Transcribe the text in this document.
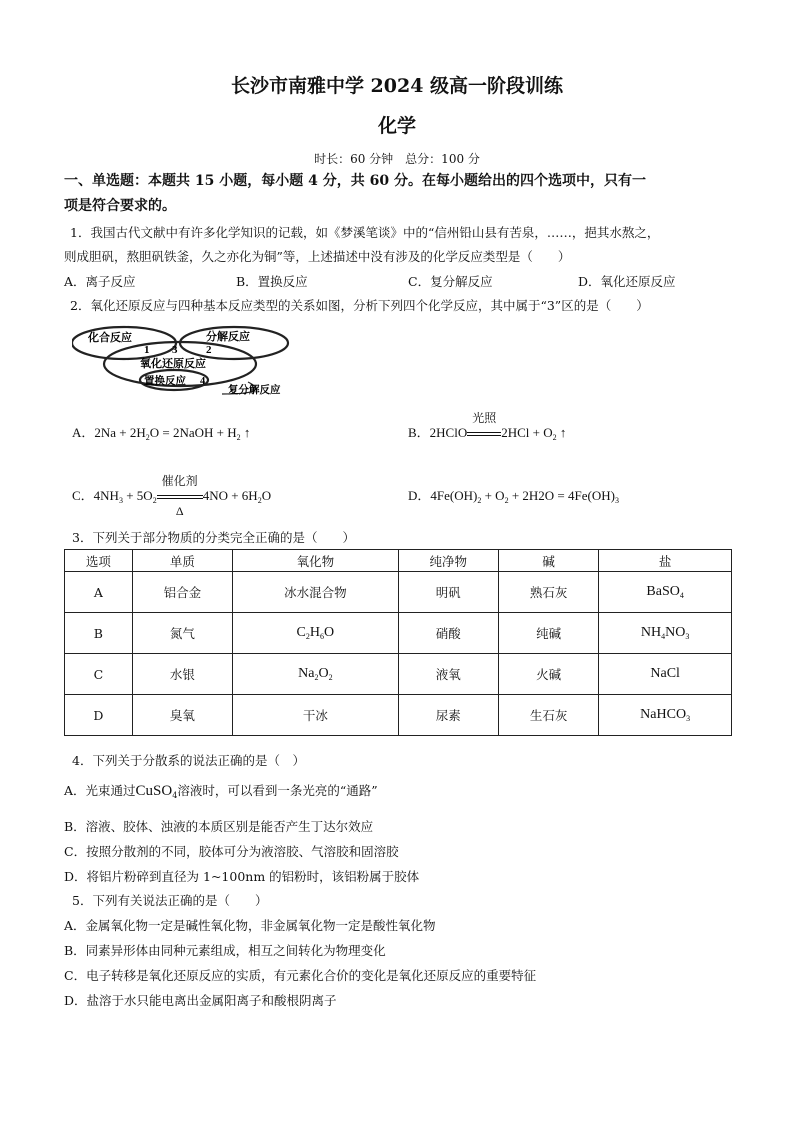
长沙市南雅中学 2024 级高一阶段训练
化学
时长：60 分钟　总分：100 分
一、单选题：本题共 15 小题，每小题 4 分，共 60 分。在每小题给出的四个选项中，只有一
项是符合要求的。
1．我国古代文献中有许多化学知识的记载，如《梦溪笔谈》中的“信州铅山县有苦泉，……，挹其水熬之，
则成胆矾，熬胆矾铁釜，久之亦化为铜”等，上述描述中没有涉及的化学反应类型是（　　）
A．离子反应	B．置换反应	C．复分解反应	D．氧化还原反应
2．氧化还原反应与四种基本反应类型的关系如图，分析下列四个化学反应，其中属于“3”区的是（　　）
化合反应	分解反应
氧化还原反应
置换反应
复分解反应
1 3	2
4
A．$2Na + 2H_2O$ = 2NaOH + $H_2$ ↑	B．2HClO
光照
$2HCl + O_2$ ↑
C．$4NH_3 + 5O_2$
催化剂
Δ
$4NO + 6H_2O$	D．$4Fe(OH)_2 + O_2 + 2H2O = 4Fe(OH)_3$
3．下列关于部分物质的分类完全正确的是（　　）
选项	单质	氧化物	纯净物	碱	盐
A	铝合金	冰水混合物	明矾	熟石灰	BaSO$_4$
B	氮气	$C_2H_6O$	硝酸	纯碱	$NH_4NO_3$
C	水银	$Na_2O_2$	液氧	火碱	NaCl
D	臭氧	干冰	尿素	生石灰	NaHCO$_3$
4．下列关于分散系的说法正确的是（　）
A．光束通过CuSO$_4$溶液时，可以看到一条光亮的“通路”
B．溶液、胶体、浊液的本质区别是能否产生丁达尔效应
C．按照分散剂的不同，胶体可分为液溶胶、气溶胶和固溶胶
D．将铝片粉碎到直径为 1~100nm 的铝粉时，该铝粉属于胶体
5．下列有关说法正确的是（　　）
A．金属氧化物一定是碱性氧化物，非金属氧化物一定是酸性氧化物
B．同素异形体由同种元素组成，相互之间转化为物理变化
C．电子转移是氧化还原反应的实质，有元素化合价的变化是氧化还原反应的重要特征
D．盐溶于水只能电离出金属阳离子和酸根阴离子
